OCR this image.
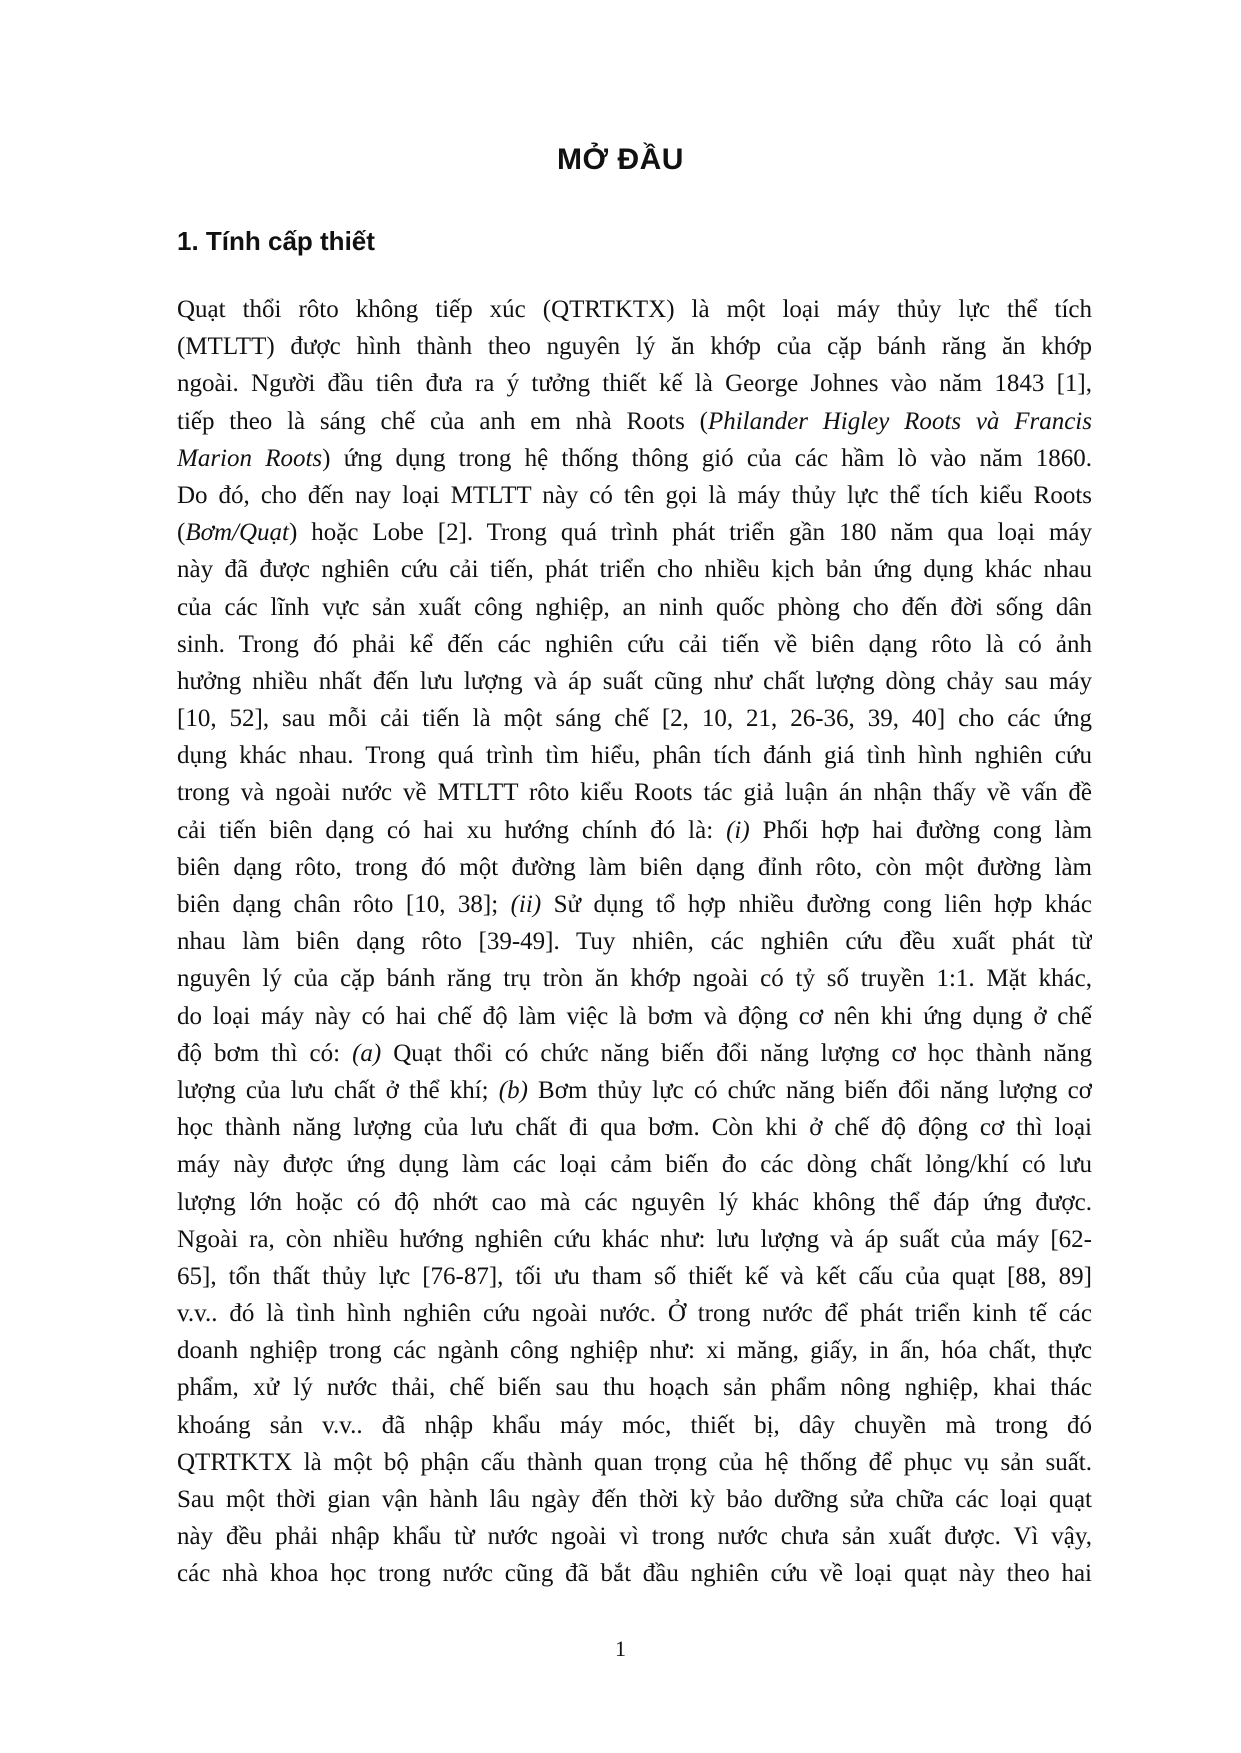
MỞ ĐẦU
1. Tính cấp thiết
Quạt thổi rôto không tiếp xúc (QTRTKTX) là một loại máy thủy lực thể tích
(MTLTT) được hình thành theo nguyên lý ăn khớp của cặp bánh răng ăn khớp
ngoài. Người đầu tiên đưa ra ý tưởng thiết kế là George Johnes vào năm 1843 [1],
tiếp theo là sáng chế của anh em nhà Roots (Philander Higley Roots và Francis
Marion Roots) ứng dụng trong hệ thống thông gió của các hầm lò vào năm 1860.
Do đó, cho đến nay loại MTLTT này có tên gọi là máy thủy lực thể tích kiểu Roots
(Bơm/Quạt) hoặc Lobe [2]. Trong quá trình phát triển gần 180 năm qua loại máy
này đã được nghiên cứu cải tiến, phát triển cho nhiều kịch bản ứng dụng khác nhau
của các lĩnh vực sản xuất công nghiệp, an ninh quốc phòng cho đến đời sống dân
sinh. Trong đó phải kể đến các nghiên cứu cải tiến về biên dạng rôto là có ảnh
hưởng nhiều nhất đến lưu lượng và áp suất cũng như chất lượng dòng chảy sau máy
[10, 52], sau mỗi cải tiến là một sáng chế [2, 10, 21, 26-36, 39, 40] cho các ứng
dụng khác nhau. Trong quá trình tìm hiểu, phân tích đánh giá tình hình nghiên cứu
trong và ngoài nước về MTLTT rôto kiểu Roots tác giả luận án nhận thấy về vấn đề
cải tiến biên dạng có hai xu hướng chính đó là: (i) Phối hợp hai đường cong làm
biên dạng rôto, trong đó một đường làm biên dạng đỉnh rôto, còn một đường làm
biên dạng chân rôto [10, 38]; (ii) Sử dụng tổ hợp nhiều đường cong liên hợp khác
nhau làm biên dạng rôto [39-49]. Tuy nhiên, các nghiên cứu đều xuất phát từ
nguyên lý của cặp bánh răng trụ tròn ăn khớp ngoài có tỷ số truyền 1:1. Mặt khác,
do loại máy này có hai chế độ làm việc là bơm và động cơ nên khi ứng dụng ở chế
độ bơm thì có: (a) Quạt thổi có chức năng biến đổi năng lượng cơ học thành năng
lượng của lưu chất ở thể khí; (b) Bơm thủy lực có chức năng biến đổi năng lượng cơ
học thành năng lượng của lưu chất đi qua bơm. Còn khi ở chế độ động cơ thì loại
máy này được ứng dụng làm các loại cảm biến đo các dòng chất lỏng/khí có lưu
lượng lớn hoặc có độ nhớt cao mà các nguyên lý khác không thể đáp ứng được.
Ngoài ra, còn nhiều hướng nghiên cứu khác như: lưu lượng và áp suất của máy [62-
65], tổn thất thủy lực [76-87], tối ưu tham số thiết kế và kết cấu của quạt [88, 89]
v.v.. đó là tình hình nghiên cứu ngoài nước. Ở trong nước để phát triển kinh tế các
doanh nghiệp trong các ngành công nghiệp như: xi măng, giấy, in ấn, hóa chất, thực
phẩm, xử lý nước thải, chế biến sau thu hoạch sản phẩm nông nghiệp, khai thác
khoáng sản v.v.. đã nhập khẩu máy móc, thiết bị, dây chuyền mà trong đó
QTRTKTX là một bộ phận cấu thành quan trọng của hệ thống để phục vụ sản suất.
Sau một thời gian vận hành lâu ngày đến thời kỳ bảo dưỡng sửa chữa các loại quạt
này đều phải nhập khẩu từ nước ngoài vì trong nước chưa sản xuất được. Vì vậy,
các nhà khoa học trong nước cũng đã bắt đầu nghiên cứu về loại quạt này theo hai
1
